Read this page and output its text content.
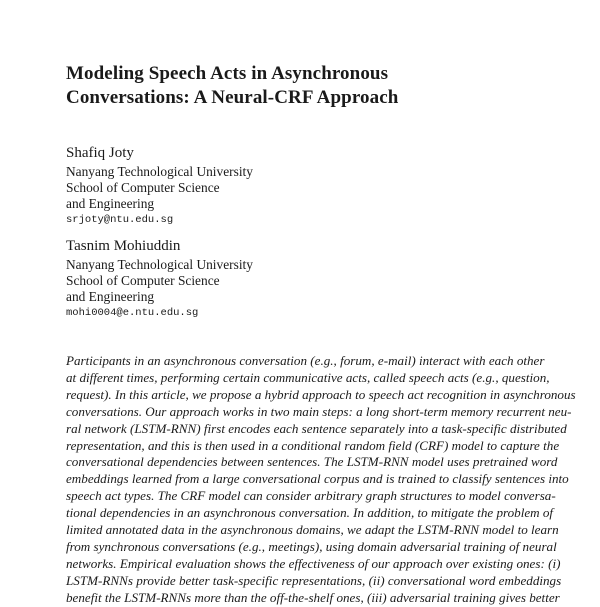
Modeling Speech Acts in Asynchronous
Conversations: A Neural-CRF Approach
Shafiq Joty
Nanyang Technological University
School of Computer Science
and Engineering
srjoty@ntu.edu.sg
Tasnim Mohiuddin
Nanyang Technological University
School of Computer Science
and Engineering
mohi0004@e.ntu.edu.sg
Participants in an asynchronous conversation (e.g., forum, e-mail) interact with each other
at different times, performing certain communicative acts, called speech acts (e.g., question,
request). In this article, we propose a hybrid approach to speech act recognition in asynchronous
conversations. Our approach works in two main steps: a long short-term memory recurrent neu-
ral network (LSTM-RNN) first encodes each sentence separately into a task-specific distributed
representation, and this is then used in a conditional random field (CRF) model to capture the
conversational dependencies between sentences. The LSTM-RNN model uses pretrained word
embeddings learned from a large conversational corpus and is trained to classify sentences into
speech act types. The CRF model can consider arbitrary graph structures to model conversa-
tional dependencies in an asynchronous conversation. In addition, to mitigate the problem of
limited annotated data in the asynchronous domains, we adapt the LSTM-RNN model to learn
from synchronous conversations (e.g., meetings), using domain adversarial training of neural
networks. Empirical evaluation shows the effectiveness of our approach over existing ones: (i)
LSTM-RNNs provide better task-specific representations, (ii) conversational word embeddings
benefit the LSTM-RNNs more than the off-the-shelf ones, (iii) adversarial training gives better
